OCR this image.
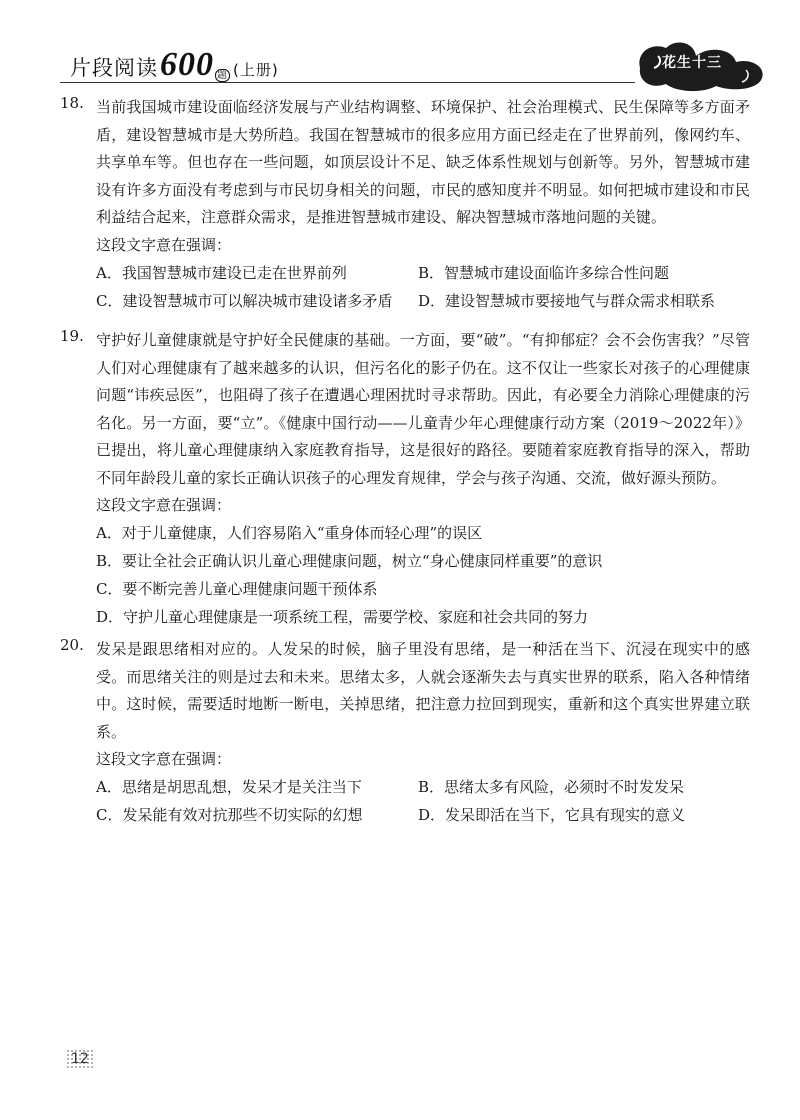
片段阅读600 题 (上册)	花生十三
18. 当前我国城市建设面临经济发展与产业结构调整、环境保护、社会治理模式、民生保障等多方面矛盾，建设智慧城市是大势所趋。我国在智慧城市的很多应用方面已经走在了世界前列，像网约车、共享单车等。但也存在一些问题，如顶层设计不足、缺乏体系性规划与创新等。另外，智慧城市建设有许多方面没有考虑到与市民切身相关的问题，市民的感知度并不明显。如何把城市建设和市民利益结合起来，注意群众需求，是推进智慧城市建设、解决智慧城市落地问题的关键。
这段文字意在强调：
A．我国智慧城市建设已走在世界前列	B．智慧城市建设面临许多综合性问题
C．建设智慧城市可以解决城市建设诸多矛盾	D．建设智慧城市要接地气与群众需求相联系
19. 守护好儿童健康就是守护好全民健康的基础。一方面，要“破”。“有抑郁症？会不会伤害我？”尽管人们对心理健康有了越来越多的认识，但污名化的影子仍在。这不仅让一些家长对孩子的心理健康问题“讳疾忌医”，也阻碍了孩子在遭遇心理困扰时寻求帮助。因此，有必要全力消除心理健康的污名化。另一方面，要“立”。《健康中国行动——儿童青少年心理健康行动方案（2019～2022年）》已提出，将儿童心理健康纳入家庭教育指导，这是很好的路径。要随着家庭教育指导的深入，帮助不同年龄段儿童的家长正确认识孩子的心理发育规律，学会与孩子沟通、交流，做好源头预防。
这段文字意在强调：
A．对于儿童健康，人们容易陷入“重身体而轻心理”的误区
B．要让全社会正确认识儿童心理健康问题，树立“身心健康同样重要”的意识
C．要不断完善儿童心理健康问题干预体系
D．守护儿童心理健康是一项系统工程，需要学校、家庭和社会共同的努力
20. 发呆是跟思绪相对应的。人发呆的时候，脑子里没有思绪，是一种活在当下、沉浸在现实中的感受。而思绪关注的则是过去和未来。思绪太多，人就会逐渐失去与真实世界的联系，陷入各种情绪中。这时候，需要适时地断一断电，关掉思绪，把注意力拉回到现实，重新和这个真实世界建立联系。
这段文字意在强调：
A．思绪是胡思乱想，发呆才是关注当下	B．思绪太多有风险，必须时不时发发呆
C．发呆能有效对抗那些不切实际的幻想	D．发呆即活在当下，它具有现实的意义
12
